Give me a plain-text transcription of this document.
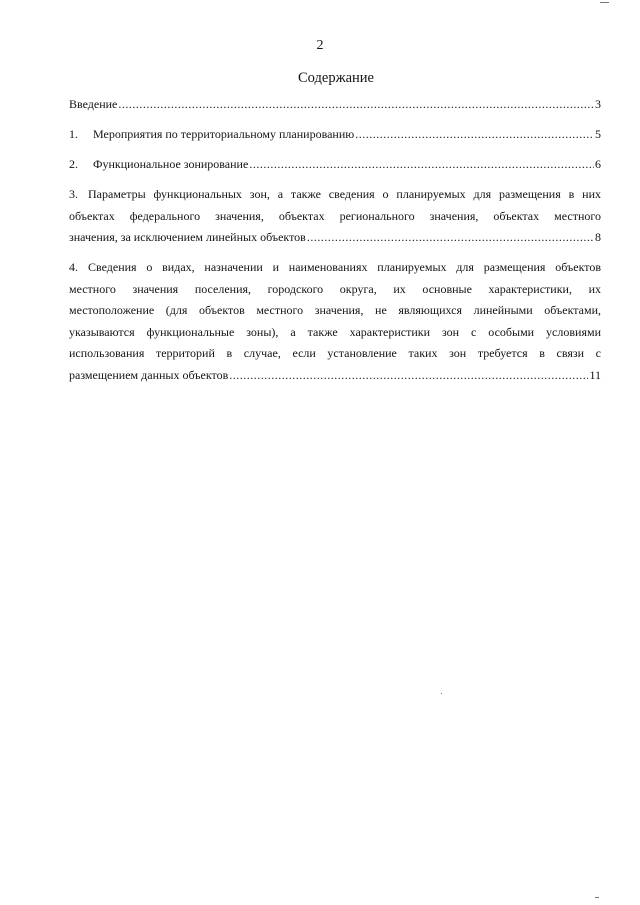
2
Содержание
Введение .....	3
1.	Мероприятия по территориальному планированию .....	5
2.	Функциональное зонирование .....	6
3. Параметры функциональных зон, а также сведения о планируемых для размещения в них
объектах федерального значения, объектах регионального значения, объектах местного
значения, за исключением линейных объектов .....	8
4. Сведения о видах, назначении и наименованиях планируемых для размещения объектов
местного значения поселения, городского округа, их основные характеристики, их
местоположение (для объектов местного значения, не являющихся линейными объектами,
указываются функциональные зоны), а также характеристики зон с особыми условиями
использования территорий в случае, если установление таких зон требуется в связи с
размещением данных объектов .....	11
